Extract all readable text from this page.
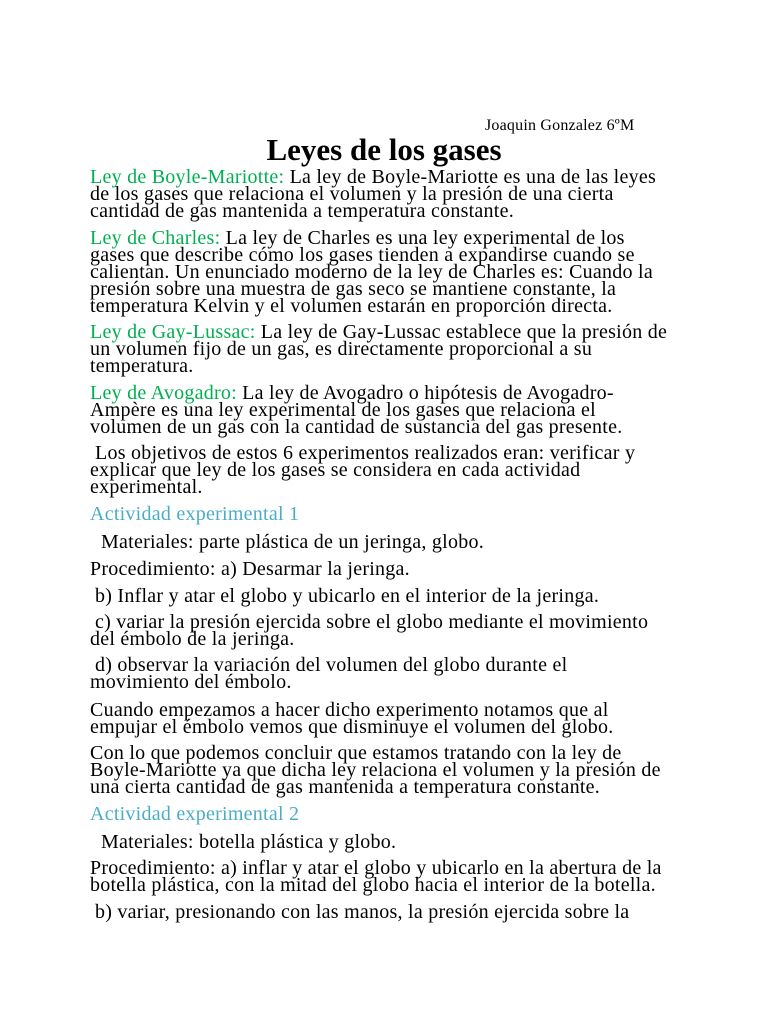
Joaquin Gonzalez 6ºM
Leyes de los gases
Ley de Boyle-Mariotte: La ley de Boyle-Mariotte es una de las leyes
de los gases que relaciona el volumen y la presión de una cierta
cantidad de gas mantenida a temperatura constante.
Ley de Charles: La ley de Charles es una ley experimental de los
gases que describe cómo los gases tienden a expandirse cuando se
calientan. Un enunciado moderno de la ley de Charles es: Cuando la
presión sobre una muestra de gas seco se mantiene constante, la
temperatura Kelvin y el volumen estarán en proporción directa.
Ley de Gay-Lussac: La ley de Gay-Lussac establece que la presión de
un volumen fijo de un gas, es directamente proporcional a su
temperatura.
Ley de Avogadro: La ley de Avogadro o hipótesis de Avogadro-
Ampère es una ley experimental de los gases que relaciona el
volumen de un gas con la cantidad de sustancia del gas presente.
Los objetivos de estos 6 experimentos realizados eran: verificar y
explicar que ley de los gases se considera en cada actividad
experimental.
Actividad experimental 1
Materiales: parte plástica de un jeringa, globo.
Procedimiento: a) Desarmar la jeringa.
b) Inflar y atar el globo y ubicarlo en el interior de la jeringa.
c) variar la presión ejercida sobre el globo mediante el movimiento
del émbolo de la jeringa.
d) observar la variación del volumen del globo durante el
movimiento del émbolo.
Cuando empezamos a hacer dicho experimento notamos que al
empujar el émbolo vemos que disminuye el volumen del globo.
Con lo que podemos concluir que estamos tratando con la ley de
Boyle-Mariotte ya que dicha ley relaciona el volumen y la presión de
una cierta cantidad de gas mantenida a temperatura constante.
Actividad experimental 2
Materiales: botella plástica y globo.
Procedimiento: a) inflar y atar el globo y ubicarlo en la abertura de la
botella plástica, con la mitad del globo hacia el interior de la botella.
b) variar, presionando con las manos, la presión ejercida sobre la
